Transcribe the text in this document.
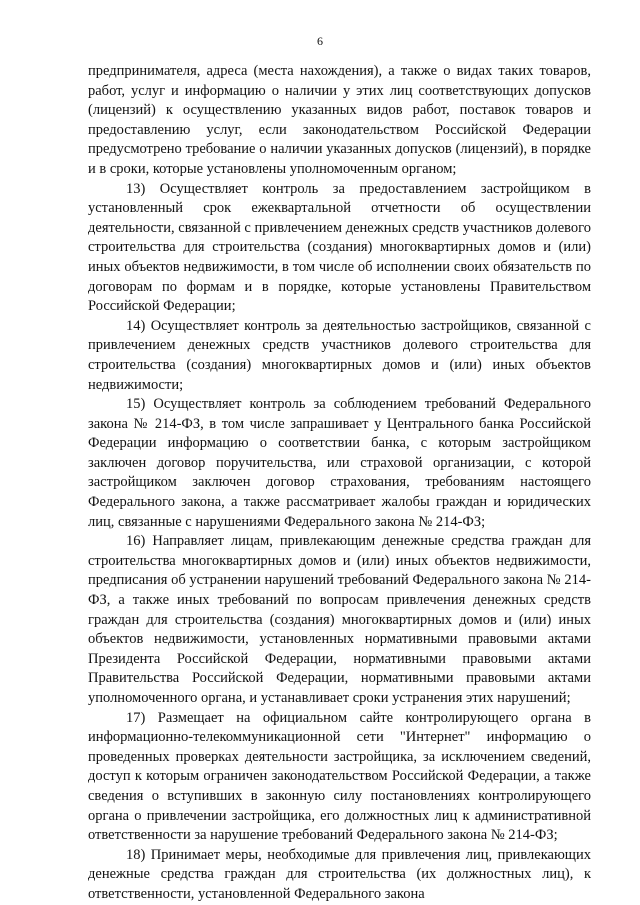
6

предпринимателя, адреса (места нахождения), а также о видах таких товаров, работ, услуг и информацию о наличии у этих лиц соответствующих допусков (лицензий) к осуществлению указанных видов работ, поставок товаров и предоставлению услуг, если законодательством Российской Федерации предусмотрено требование о наличии указанных допусков (лицензий), в порядке и в сроки, которые установлены уполномоченным органом;

13) Осуществляет контроль за предоставлением застройщиком в установленный срок ежеквартальной отчетности об осуществлении деятельности, связанной с привлечением денежных средств участников долевого строительства для строительства (создания) многоквартирных домов и (или) иных объектов недвижимости, в том числе об исполнении своих обязательств по договорам по формам и в порядке, которые установлены Правительством Российской Федерации;

14) Осуществляет контроль за деятельностью застройщиков, связанной с привлечением денежных средств участников долевого строительства для строительства (создания) многоквартирных домов и (или) иных объектов недвижимости;

15) Осуществляет контроль за соблюдением требований Федерального закона № 214-ФЗ, в том числе запрашивает у Центрального банка Российской Федерации информацию о соответствии банка, с которым застройщиком заключен договор поручительства, или страховой организации, с которой застройщиком заключен договор страхования, требованиям настоящего Федерального закона, а также рассматривает жалобы граждан и юридических лиц, связанные с нарушениями Федерального закона № 214-ФЗ;

16) Направляет лицам, привлекающим денежные средства граждан для строительства многоквартирных домов и (или) иных объектов недвижимости, предписания об устранении нарушений требований Федерального закона № 214-ФЗ, а также иных требований по вопросам привлечения денежных средств граждан для строительства (создания) многоквартирных домов и (или) иных объектов недвижимости, установленных нормативными правовыми актами Президента Российской Федерации, нормативными правовыми актами Правительства Российской Федерации, нормативными правовыми актами уполномоченного органа, и устанавливает сроки устранения этих нарушений;

17) Размещает на официальном сайте контролирующего органа в информационно-телекоммуникационной сети "Интернет" информацию о проведенных проверках деятельности застройщика, за исключением сведений, доступ к которым ограничен законодательством Российской Федерации, а также сведения о вступивших в законную силу постановлениях контролирующего органа о привлечении застройщика, его должностных лиц к административной ответственности за нарушение требований Федерального закона № 214-ФЗ;

18) Принимает меры, необходимые для привлечения лиц, привлекающих денежные средства граждан для строительства (их должностных лиц), к ответственности, установленной Федерального закона
